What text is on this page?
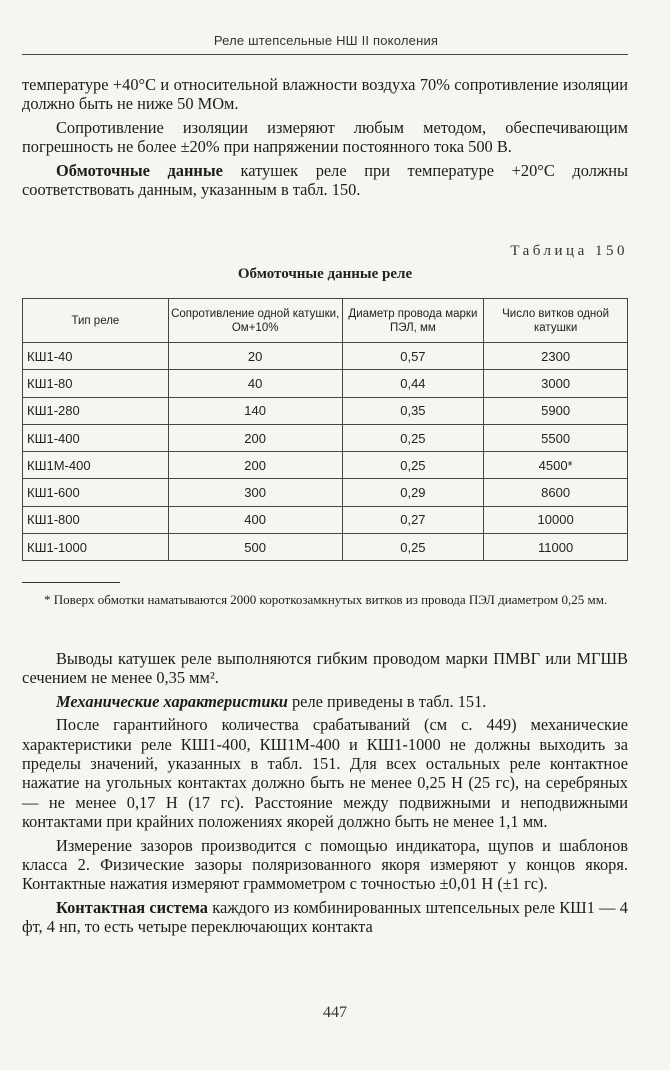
Реле штепсельные НШ II поколения

температуре +40°С и относительной влажности воздуха 70% сопротивление изоляции должно быть не ниже 50 МОм.

Сопротивление изоляции измеряют любым методом, обеспечивающим погрешность не более ±20% при напряжении постоянного тока 500 В.

Обмоточные данные катушек реле при температуре +20°С должны соответствовать данным, указанным в табл. 150.

Таблица 150
Обмоточные данные реле
Тип реле	Сопротивление одной катушки, Ом+10%	Диаметр провода марки ПЭЛ, мм	Число витков одной катушки
КШ1-40	20	0,57	2300
КШ1-80	40	0,44	3000
КШ1-280	140	0,35	5900
КШ1-400	200	0,25	5500
КШ1М-400	200	0,25	4500*
КШ1-600	300	0,29	8600
КШ1-800	400	0,27	10000
КШ1-1000	500	0,25	11000
* Поверх обмотки наматываются 2000 короткозамкнутых витков из провода ПЭЛ диаметром 0,25 мм.

Выводы катушек реле выполняются гибким проводом марки ПМВГ или МГШВ сечением не менее 0,35 мм².

Механические характеристики реле приведены в табл. 151.

После гарантийного количества срабатываний (см с. 449) механические характеристики реле КШ1-400, КШ1М-400 и КШ1-1000 не должны выходить за пределы значений, указанных в табл. 151. Для всех остальных реле контактное нажатие на угольных контактах должно быть не менее 0,25 Н (25 гс), на серебряных — не менее 0,17 Н (17 гс). Расстояние между подвижными и неподвижными контактами при крайних положениях якорей должно быть не менее 1,1 мм.

Измерение зазоров производится с помощью индикатора, щупов и шаблонов класса 2. Физические зазоры поляризованного якоря измеряют у концов якоря. Контактные нажатия измеряют граммометром с точностью ±0,01 Н (±1 гс).

Контактная система каждого из комбинированных штепсельных реле КШ1 — 4 фт, 4 нп, то есть четыре переключающих контакта

447
